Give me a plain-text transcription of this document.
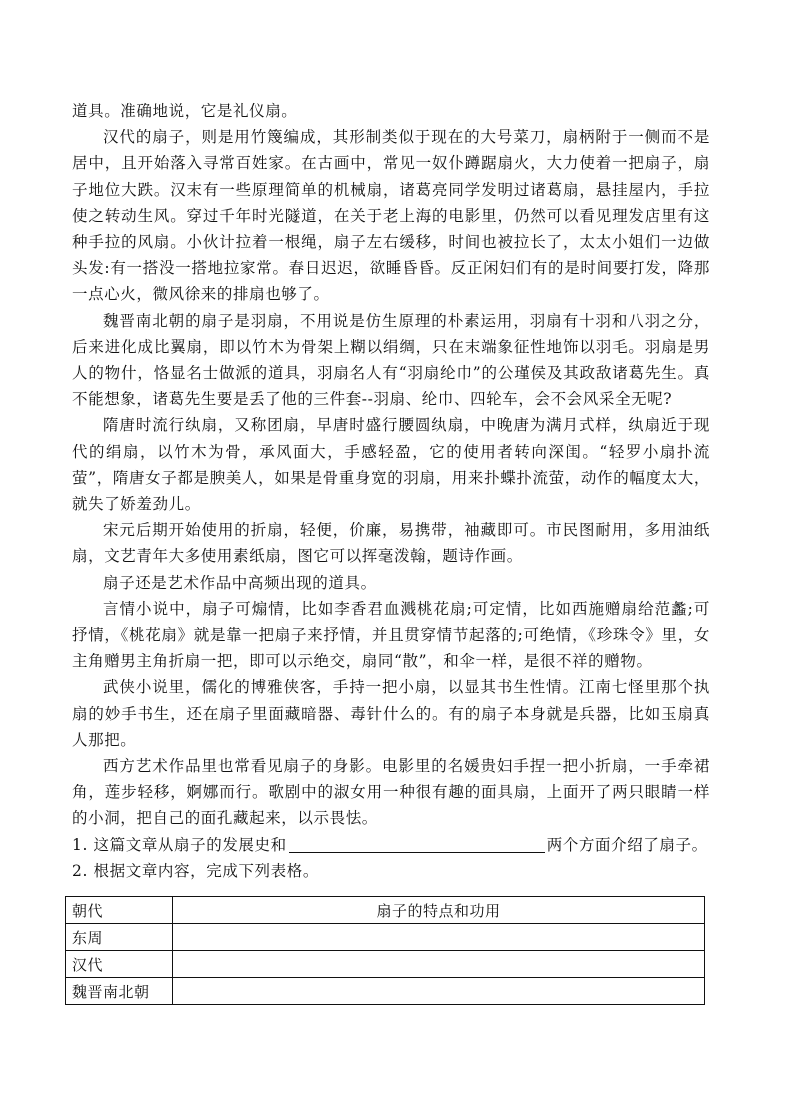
道具。准确地说，它是礼仪扇。

汉代的扇子，则是用竹篾编成，其形制类似于现在的大号菜刀，扇柄附于一侧而不是居中，且开始落入寻常百姓家。在古画中，常见一奴仆蹲踞扇火，大力使着一把扇子，扇子地位大跌。汉末有一些原理简单的机械扇，诸葛亮同学发明过诸葛扇，悬挂屋内，手拉使之转动生风。穿过千年时光隧道，在关于老上海的电影里，仍然可以看见理发店里有这种手拉的风扇。小伙计拉着一根绳，扇子左右缓移，时间也被拉长了，太太小姐们一边做头发:有一搭没一搭地拉家常。春日迟迟，欲睡昏昏。反正闲妇们有的是时间要打发，降那一点心火，微风徐来的排扇也够了。

魏晋南北朝的扇子是羽扇，不用说是仿生原理的朴素运用，羽扇有十羽和八羽之分，后来进化成比翼扇，即以竹木为骨架上糊以绢绸，只在末端象征性地饰以羽毛。羽扇是男人的物什，恪显名士做派的道具，羽扇名人有“羽扇纶巾”的公瑾侯及其政敌诸葛先生。真不能想象，诸葛先生要是丢了他的三件套--羽扇、纶巾、四轮车，会不会风采全无呢?

隋唐时流行纨扇，又称团扇，早唐时盛行腰圆纨扇，中晚唐为满月式样，纨扇近于现代的绢扇，以竹木为骨，承风面大，手感轻盈，它的使用者转向深闺。“轻罗小扇扑流萤”，隋唐女子都是腴美人，如果是骨重身宽的羽扇，用来扑蝶扑流萤，动作的幅度太大，就失了娇羞劲儿。

宋元后期开始使用的折扇，轻便，价廉，易携带，袖藏即可。市民图耐用，多用油纸扇，文艺青年大多使用素纸扇，图它可以挥毫泼翰，题诗作画。

扇子还是艺术作品中高频出现的道具。

言情小说中，扇子可煽情，比如李香君血溅桃花扇;可定情，比如西施赠扇给范蠡;可抒情，《桃花扇》就是靠一把扇子来抒情，并且贯穿情节起落的;可绝情，《珍珠令》里，女主角赠男主角折扇一把，即可以示绝交，扇同“散”，和伞一样，是很不祥的赠物。

武侠小说里，儒化的博雅侠客，手持一把小扇，以显其书生性情。江南七怪里那个执扇的妙手书生，还在扇子里面藏暗器、毒针什么的。有的扇子本身就是兵器，比如玉扇真人那把。

西方艺术作品里也常看见扇子的身影。电影里的名媛贵妇手捏一把小折扇，一手牵裙角，莲步轻移，婀娜而行。歌剧中的淑女用一种很有趣的面具扇，上面开了两只眼睛一样的小洞，把自己的面孔藏起来，以示畏怯。

1. 这篇文章从扇子的发展史和	两个方面介绍了扇子。

2. 根据文章内容，完成下列表格。

朝代	扇子的特点和功用
东周	
汉代	
魏晋南北朝	
